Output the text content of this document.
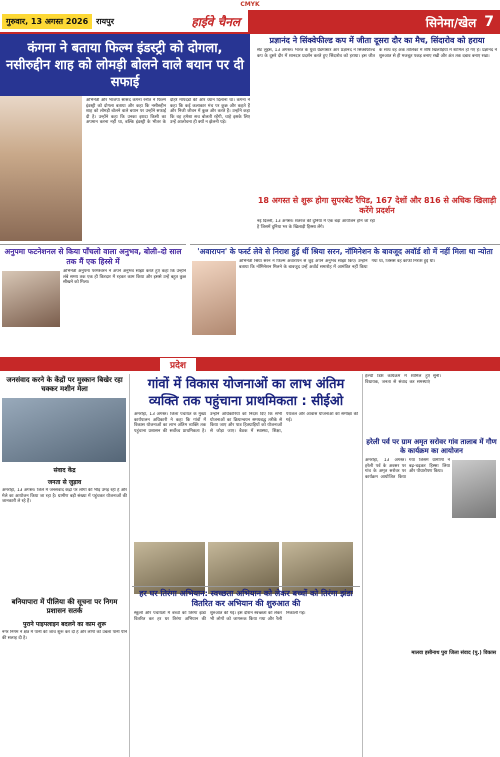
CMYK
गुरुवार, 13 अगस्त 2026	रायपुर	हाईवे चैनल	सिनेमा/खेल 7
कंगना ने बताया फिल्म इंडस्ट्री को दोगला, नसीरुद्दीन शाह को लोमड़ी बोलने वाले बयान पर दी सफाई
अभिनेत्री और भाजपा सांसद कंगना रनौत ने फिल्म इंडस्ट्री को दोगला बताया और कहा कि नसीरुद्दीन शाह को लोमड़ी बोलने वाले बयान पर उन्होंने सफाई दी है। उन्होंने कहा कि उनका इरादा किसी का अपमान करना नहीं था, बल्कि इंडस्ट्री के भीतर के दोहरे मापदंडों की ओर ध्यान दिलाना था। कंगना ने कहा कि कई कलाकार मंच पर कुछ और कहते हैं और निजी जीवन में कुछ और करते हैं। उन्होंने कहा कि वह हमेशा सच बोलती रहेंगी, चाहे इसके लिए उन्हें आलोचना ही क्यों न झेलनी पड़े।
प्रज्ञानंद ने सिंक्वेफील्ड कप में जीता दूसरा दौर का मैच, सिंदारोव को हराया
सेंट लुईस, 13 अगस्त। भारत के युवा ग्रैंडमास्टर आर प्रज्ञानंद ने सिंक्वेफील्ड कप के दूसरे दौर में शानदार प्रदर्शन करते हुए सिंदारोव को हराया। इस जीत के साथ वह अंक तालिका में शीर्ष खिलाड़ियों में शामिल हो गए हैं। प्रज्ञानंद ने शुरुआत से ही मजबूत पकड़ बनाए रखी और अंत तक दबाव बनाए रखा।
18 अगस्त से शुरू होगा सुपरबेट रैपिड, 167 देशों और 816 से अधिक खिलाड़ी करेंगे प्रदर्शन
नई दिल्ली, 13 अगस्त। शतरंज की दुनिया में एक बड़ा आयोजन होने जा रहा है जिसमें दुनिया भर के खिलाड़ी हिस्सा लेंगे।
अनुपमा फटनेशनल से किया पाँचलो वाला अनुभव, बोली–दो साल तक मैं एक हिस्से में
अभिनेत्री अनुपमा परमेश्वरन ने अपने अनुभव साझा करते हुए कहा कि उन्होंने लंबे समय तक एक ही किरदार में रहकर काम किया और इससे उन्हें बहुत कुछ सीखने को मिला।
'अवारापन' के फर्स्ट लेवे से निराश हुई थीं श्रिया सरन, नॉमिनेशन के बावजूद अवॉर्ड शो में नहीं मिला था न्योता
अभिनेत्री श्रिया सरन ने फिल्म अवारापन से जुड़े अपने अनुभव साझा किए। उन्होंने बताया कि नॉमिनेशन मिलने के बावजूद उन्हें अवॉर्ड समारोह में आमंत्रित नहीं किया गया था, जिससे वह काफी निराश हुई थीं।
प्रदेश
जनसंवाद करने के केंद्रों पर मुस्कान बिखेर रहा चक्कर मशीन मेला
संवाद केंद्र
जनता से जुड़ाव
अमरोहा, 13 अगस्त। जिले में जनसंवाद केंद्रों पर लोगों की भीड़ उमड़ रही है और मेले का आयोजन किया जा रहा है। ग्रामीण बड़ी संख्या में पहुंचकर योजनाओं की जानकारी ले रहे हैं।
बनियापारा में पीलिया की सूचना पर निगम प्रशासन सतर्क
पुराने पाइपलाइन बदलने का काम शुरू
नगर निगम ने क्षेत्र में पानी की जांच शुरू कर दी है और लोगों को उबला पानी पीने की सलाह दी है।
गांवों में विकास योजनाओं का लाभ अंतिम व्यक्ति तक पहुंचाना प्राथमिकता : सीईओ
अमरोहा, 13 अगस्त। जिला पंचायत के मुख्य कार्यपालन अधिकारी ने कहा कि गांवों में विकास योजनाओं का लाभ अंतिम व्यक्ति तक पहुंचाना प्रशासन की सर्वोच्च प्राथमिकता है। उन्होंने अधिकारियों को निर्देश दिए कि सभी योजनाओं का क्रियान्वयन समयबद्ध तरीके से किया जाए और पात्र हितग्राहियों को योजनाओं से जोड़ा जाए। बैठक में स्वास्थ्य, शिक्षा, पेयजल और आवास योजनाओं की समीक्षा की गई।
हर घर तिरंगा अभियान: स्वच्छता अभियान को लेकर बच्चों को तिरंगा झंडा वितरित कर अभियान की शुरुआत की
स्कूलों और पंचायतों में बच्चों को तिरंगा झंडा वितरित कर हर घर तिरंगा अभियान की शुरुआत की गई। इस दौरान स्वच्छता को लेकर भी लोगों को जागरूक किया गया और रैली निकाली गई।
हेल्थी डिश कार्यक्रम में शामिल हुए विधायक, जनता से संवाद कर समस्याएं सुनीं।
हरेली पर्व पर ग्राम अमृत सरोवर गांव तालाब में गौण के कार्यक्रम का आयोजन
अमरोहा, 13 अगस्त। हरेली पर्व के अवसर पर गांव के अमृत सरोवर पर कार्यक्रम आयोजित किया गया जिसमें ग्रामीणों ने बढ़-चढ़कर हिस्सा लिया और पौधारोपण किया।
मालवा हसीनाथ पुरा जिला संवाद (पु.) विकास
